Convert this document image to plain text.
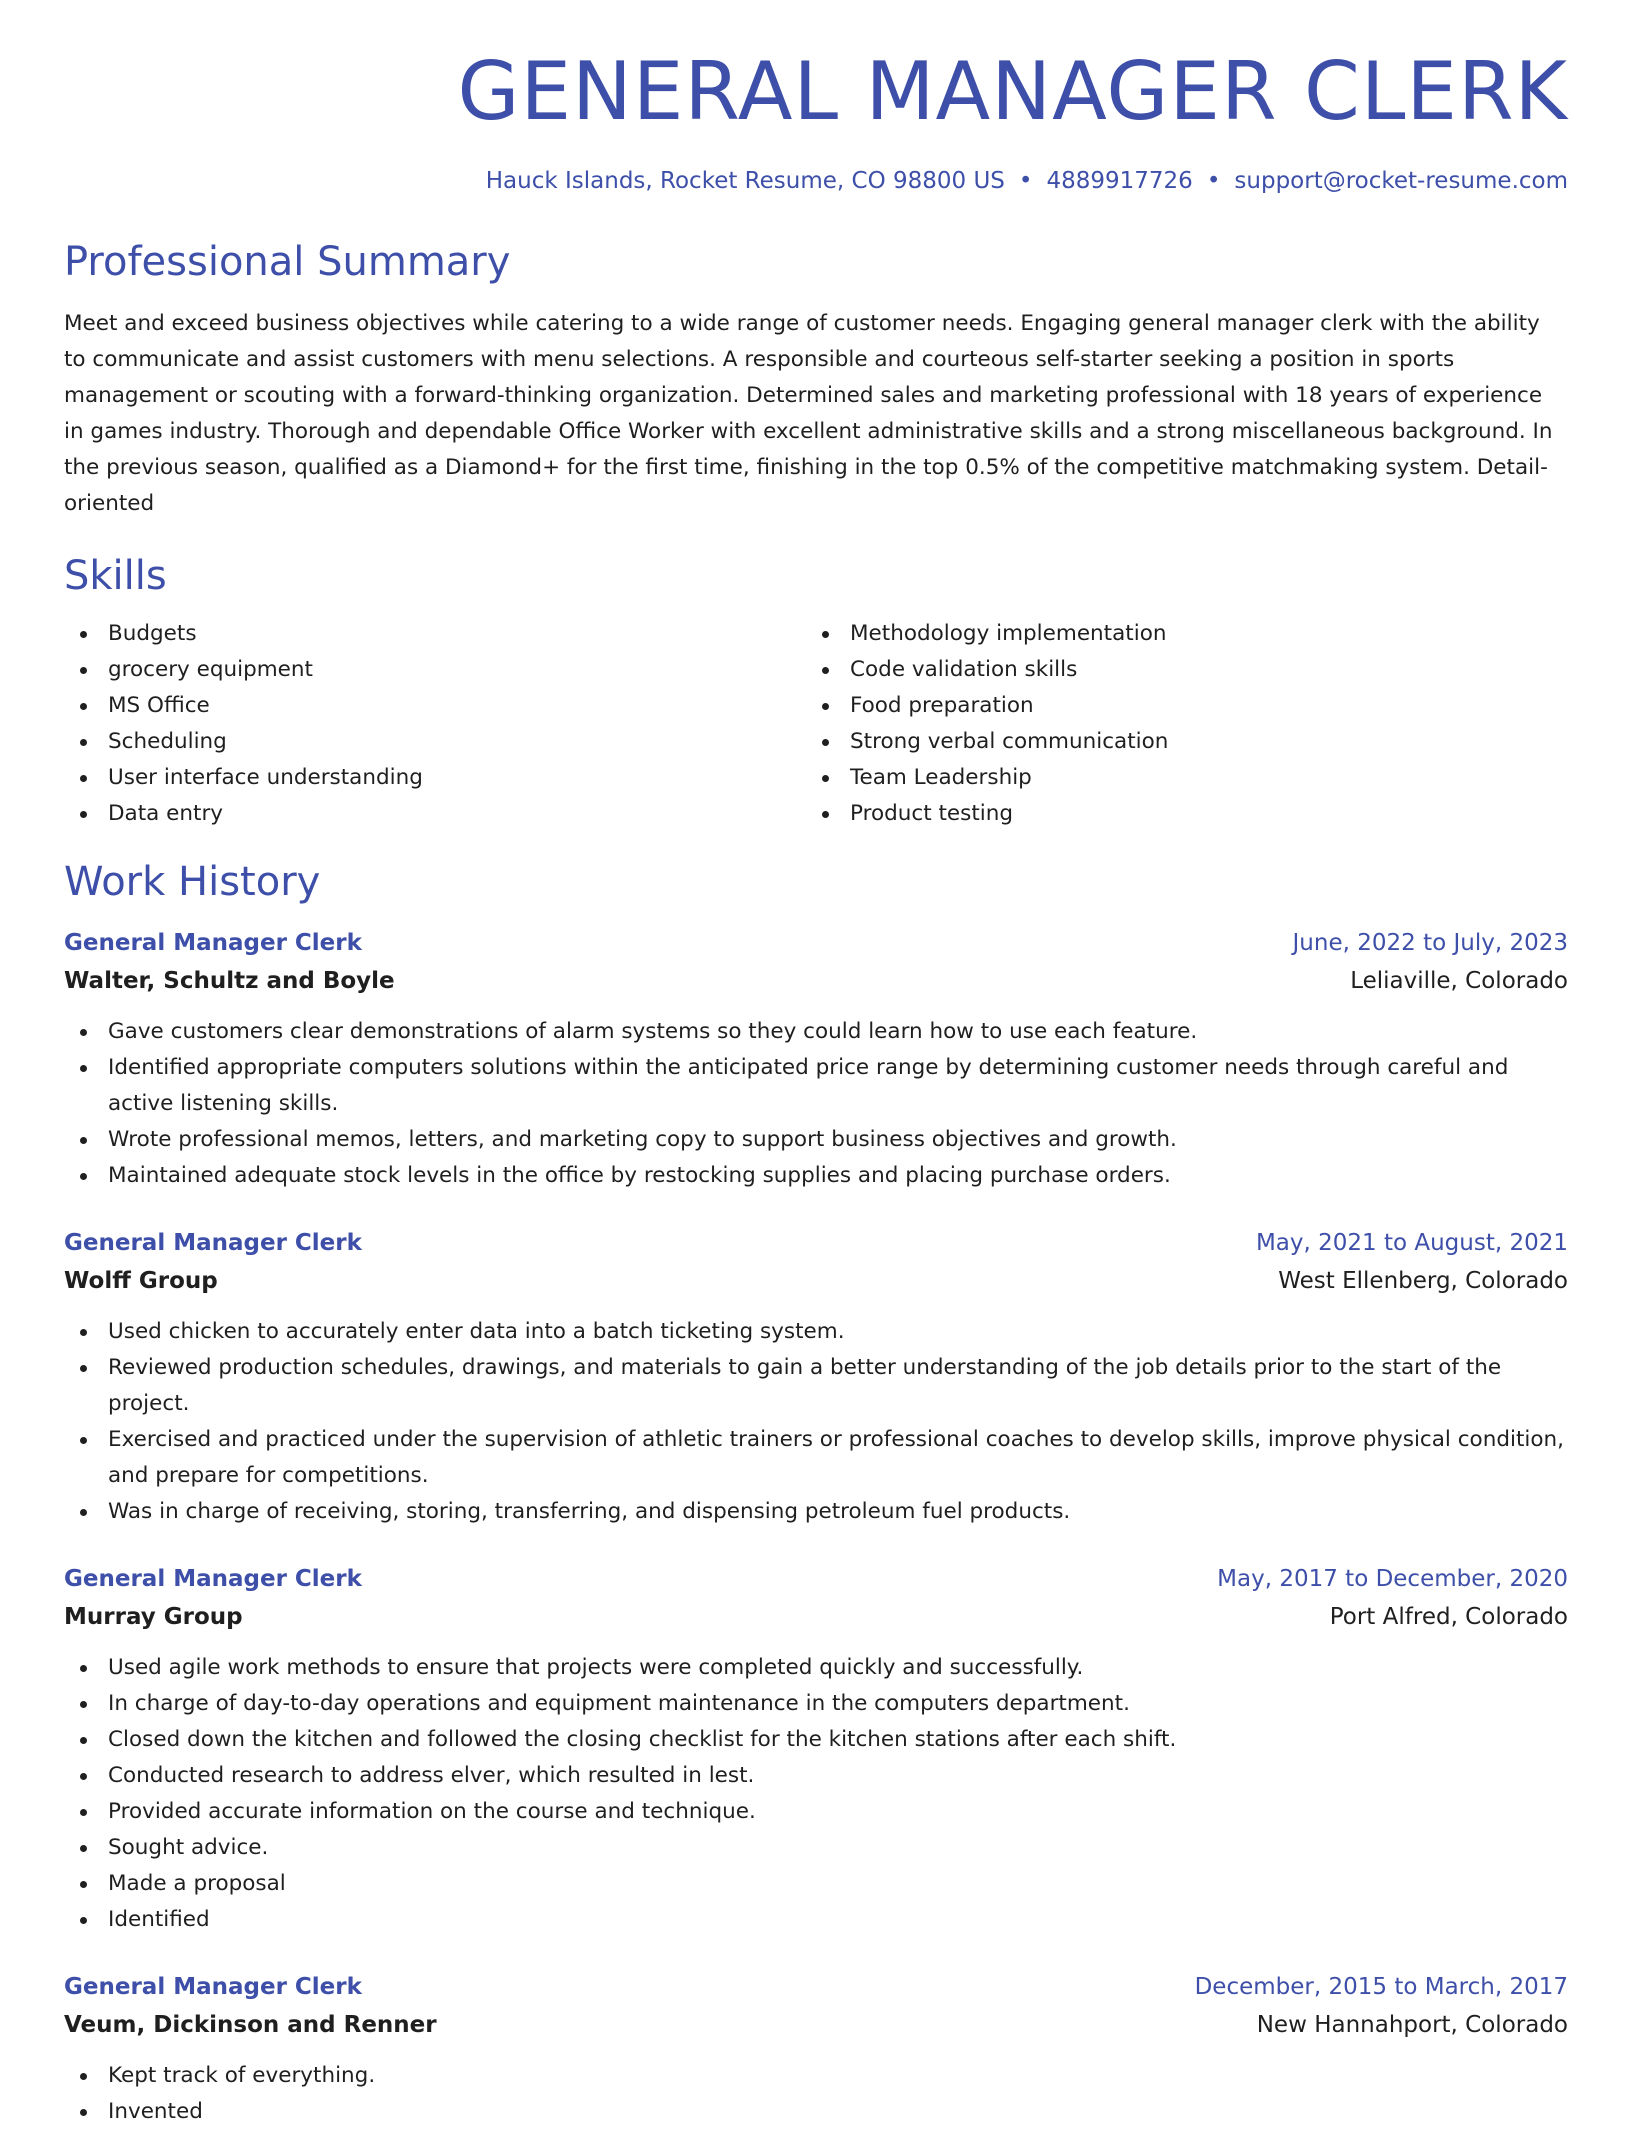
GENERAL MANAGER CLERK
Hauck Islands, Rocket Resume, CO 98800 US • 4889917726 • support@rocket-resume.com
Professional Summary

Meet and exceed business objectives while catering to a wide range of customer needs. Engaging general manager clerk with the ability to communicate and assist customers with menu selections. A responsible and courteous self-starter seeking a position in sports management or scouting with a forward-thinking organization. Determined sales and marketing professional with 18 years of experience in games industry. Thorough and dependable Office Worker with excellent administrative skills and a strong miscellaneous background. In the previous season, qualified as a Diamond+ for the first time, finishing in the top 0.5% of the competitive matchmaking system. Detail-oriented

Skills
Budgets
grocery equipment
MS Office
Scheduling
User interface understanding
Data entry
Methodology implementation
Code validation skills
Food preparation
Strong verbal communication
Team Leadership
Product testing
Work History
General Manager Clerk	June, 2022 to July, 2023
Walter, Schultz and Boyle	Leliaville, Colorado
Gave customers clear demonstrations of alarm systems so they could learn how to use each feature.
Identified appropriate computers solutions within the anticipated price range by determining customer needs through careful and active listening skills.
Wrote professional memos, letters, and marketing copy to support business objectives and growth.
Maintained adequate stock levels in the office by restocking supplies and placing purchase orders.
General Manager Clerk	May, 2021 to August, 2021
Wolff Group	West Ellenberg, Colorado
Used chicken to accurately enter data into a batch ticketing system.
Reviewed production schedules, drawings, and materials to gain a better understanding of the job details prior to the start of the project.
Exercised and practiced under the supervision of athletic trainers or professional coaches to develop skills, improve physical condition, and prepare for competitions.
Was in charge of receiving, storing, transferring, and dispensing petroleum fuel products.
General Manager Clerk	May, 2017 to December, 2020
Murray Group	Port Alfred, Colorado
Used agile work methods to ensure that projects were completed quickly and successfully.
In charge of day-to-day operations and equipment maintenance in the computers department.
Closed down the kitchen and followed the closing checklist for the kitchen stations after each shift.
Conducted research to address elver, which resulted in lest.
Provided accurate information on the course and technique.
Sought advice.
Made a proposal
Identified
General Manager Clerk	December, 2015 to March, 2017
Veum, Dickinson and Renner	New Hannahport, Colorado
Kept track of everything.
Invented
